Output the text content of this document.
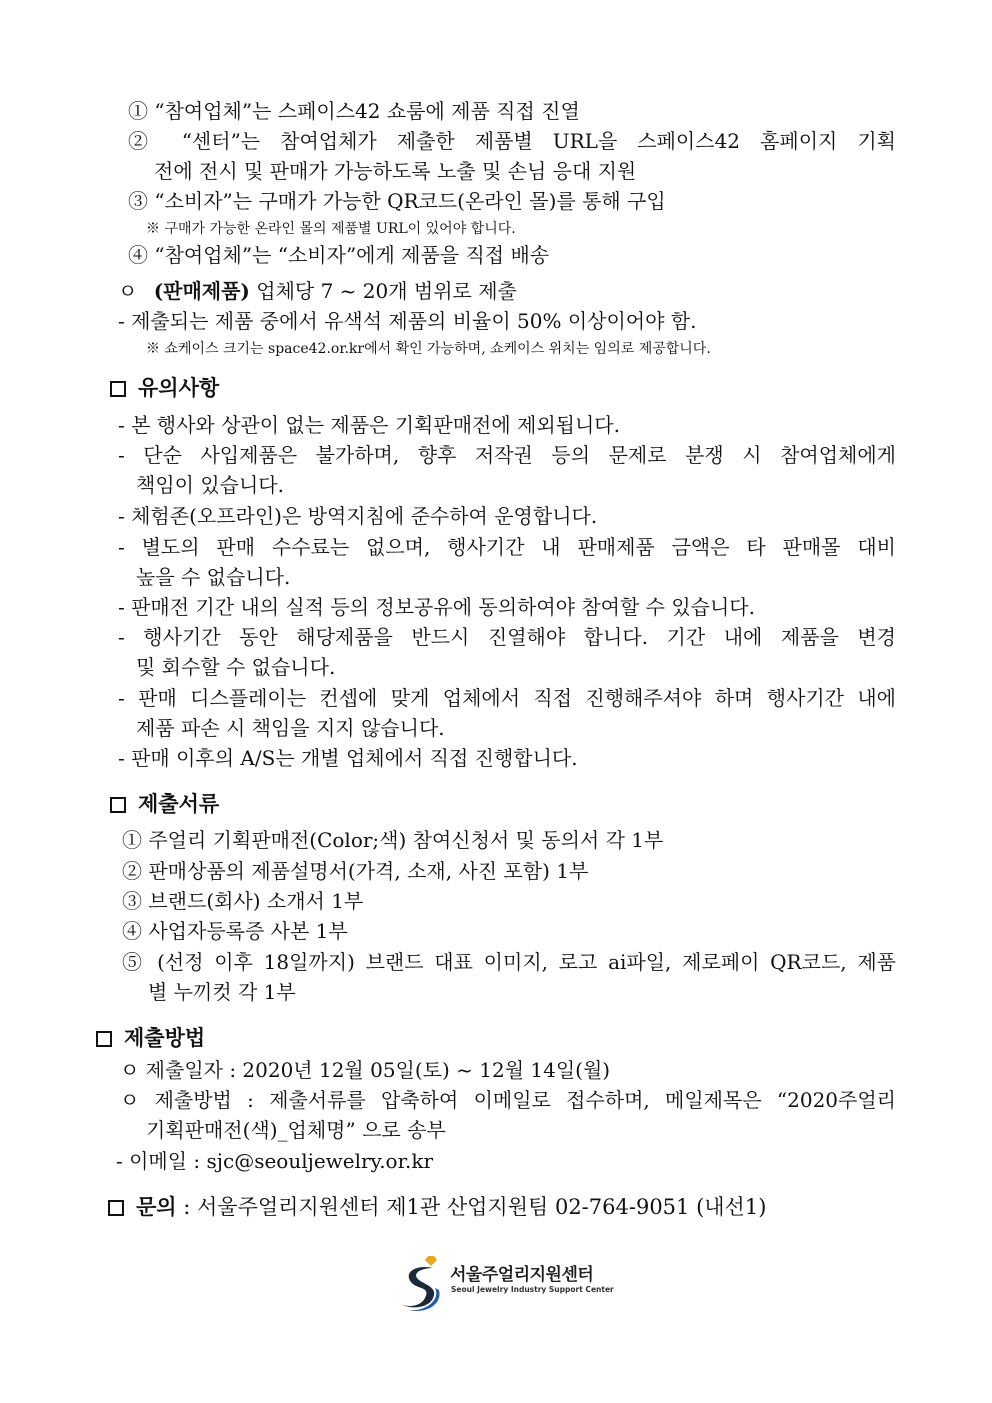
① “참여업체”는 스페이스42 쇼룸에 제품 직접 진열
② “센터”는 참여업체가 제출한 제품별 URL을 스페이스42 홈페이지 기획
전에 전시 및 판매가 가능하도록 노출 및 손님 응대 지원
③ “소비자”는 구매가 가능한 QR코드(온라인 몰)를 통해 구입
※ 구매가 가능한 온라인 몰의 제품별 URL이 있어야 합니다.
④ “참여업체”는 “소비자”에게 제품을 직접 배송
ㅇ (판매제품) 업체당 7 ~ 20개 범위로 제출
- 제출되는 제품 중에서 유색석 제품의 비율이 50% 이상이어야 함.
※ 쇼케이스 크기는 space42.or.kr에서 확인 가능하며, 쇼케이스 위치는 임의로 제공합니다.
유의사항
- 본 행사와 상관이 없는 제품은 기획판매전에 제외됩니다.
- 단순 사입제품은 불가하며, 향후 저작권 등의 문제로 분쟁 시 참여업체에게
책임이 있습니다.
- 체험존(오프라인)은 방역지침에 준수하여 운영합니다.
- 별도의 판매 수수료는 없으며, 행사기간 내 판매제품 금액은 타 판매몰 대비
높을 수 없습니다.
- 판매전 기간 내의 실적 등의 정보공유에 동의하여야 참여할 수 있습니다.
- 행사기간 동안 해당제품을 반드시 진열해야 합니다. 기간 내에 제품을 변경
및 회수할 수 없습니다.
- 판매 디스플레이는 컨셉에 맞게 업체에서 직접 진행해주셔야 하며 행사기간 내에
제품 파손 시 책임을 지지 않습니다.
- 판매 이후의 A/S는 개별 업체에서 직접 진행합니다.
제출서류
① 주얼리 기획판매전(Color;색) 참여신청서 및 동의서 각 1부
② 판매상품의 제품설명서(가격, 소재, 사진 포함) 1부
③ 브랜드(회사) 소개서 1부
④ 사업자등록증 사본 1부
⑤ (선정 이후 18일까지) 브랜드 대표 이미지, 로고 ai파일, 제로페이 QR코드, 제품
별 누끼컷 각 1부
제출방법
ㅇ 제출일자 : 2020년 12월 05일(토) ~ 12월 14일(월)
ㅇ 제출방법 : 제출서류를 압축하여 이메일로 접수하며, 메일제목은 “2020주얼리
기획판매전(색)_업체명” 으로 송부
- 이메일 : sjc@seouljewelry.or.kr
문의 : 서울주얼리지원센터 제1관 산업지원팀 02-764-9051 (내선1)
서울주얼리지원센터
Seoul Jewelry Industry Support Center
